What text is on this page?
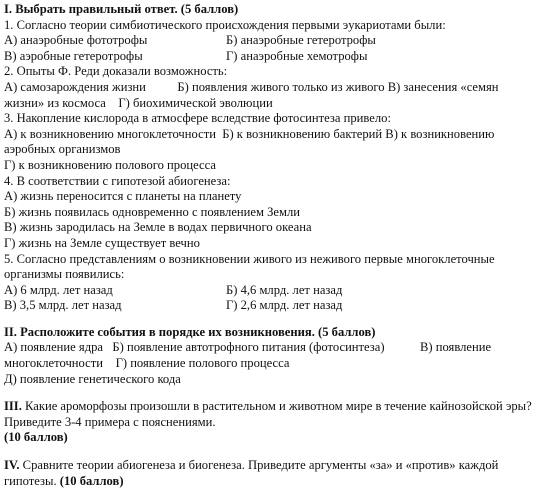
I. Выбрать правильный ответ. (5 баллов)
1. Согласно теории симбиотического происхождения первыми эукариотами были:
А) анаэробные фототрофы	Б) анаэробные гетеротрофы
В) аэробные гетеротрофы	Г) анаэробные хемотрофы
2. Опыты Ф. Реди доказали возможность:
А) самозарождения жизни          Б) появления живого только из живого В) занесения «семян
жизни» из космоса    Г) биохимической эволюции
3. Накопление кислорода в атмосфере вследствие фотосинтеза привело:
А) к возникновению многоклеточности  Б) к возникновению бактерий В) к возникновению
аэробных организмов
Г) к возникновению полового процесса
4. В соответствии с гипотезой абиогенеза:
А) жизнь переносится с планеты на планету
Б) жизнь появилась одновременно с появлением Земли
В) жизнь зародилась на Земле в водах первичного океана
Г) жизнь на Земле существует вечно
5. Согласно представлениям о возникновении живого из неживого первые многоклеточные
организмы появились:
А) 6 млрд. лет назад	Б) 4,6 млрд. лет назад
В) 3,5 млрд. лет назад	Г) 2,6 млрд. лет назад
II. Расположите события в порядке их возникновения. (5 баллов)
А) появление ядра   Б) появление автотрофного питания (фотосинтеза)	В) появление
многоклеточности    Г) появление полового процесса
Д) появление генетического кода
III. Какие ароморфозы произошли в растительном и животном мире в течение кайнозойской эры?
Приведите 3-4 примера с пояснениями.
(10 баллов)
IV. Сравните теории абиогенеза и биогенеза. Приведите аргументы «за» и «против» каждой
гипотезы. (10 баллов)
